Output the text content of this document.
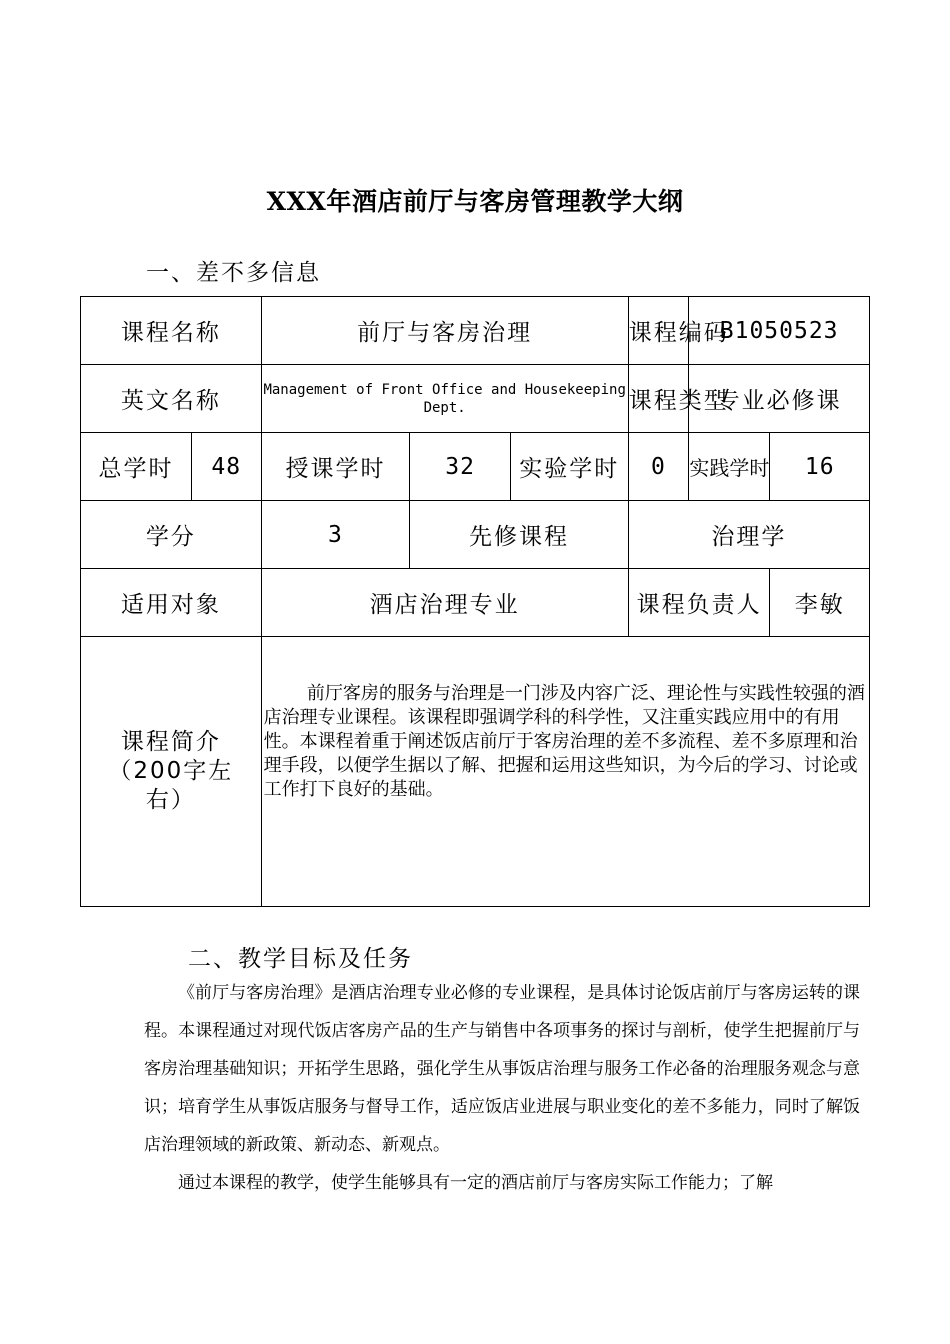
XXX年酒店前厅与客房管理教学大纲
一、差不多信息
课程名称		前厅与客房治理			课程编码	B1050523	
英文名称		Management of Front Office and Housekeeping Dept.			课程类型	专业必修课	
总学时	48	授课学时	32	实验学时	0	实践学时	16
学分		3	先修课程		治理学		
适用对象		酒店治理专业			课程负责人		李敏
课程简介（200字左右）		前厅客房的服务与治理是一门涉及内容广泛、理论性与实践性较强的酒店治理专业课程。该课程即强调学科的科学性，又注重实践应用中的有用性。本课程着重于阐述饭店前厅于客房治理的差不多流程、差不多原理和治理手段，以便学生据以了解、把握和运用这些知识，为今后的学习、讨论或工作打下良好的基础。					

二、教学目标及任务

《前厅与客房治理》是酒店治理专业必修的专业课程，是具体讨论饭店前厅与客房运转的课程。本课程通过对现代饭店客房产品的生产与销售中各项事务的探讨与剖析，使学生把握前厅与客房治理基础知识；开拓学生思路，强化学生从事饭店治理与服务工作必备的治理服务观念与意识；培育学生从事饭店服务与督导工作，适应饭店业进展与职业变化的差不多能力，同时了解饭店治理领域的新政策、新动态、新观点。

通过本课程的教学，使学生能够具有一定的酒店前厅与客房实际工作能力；了解
